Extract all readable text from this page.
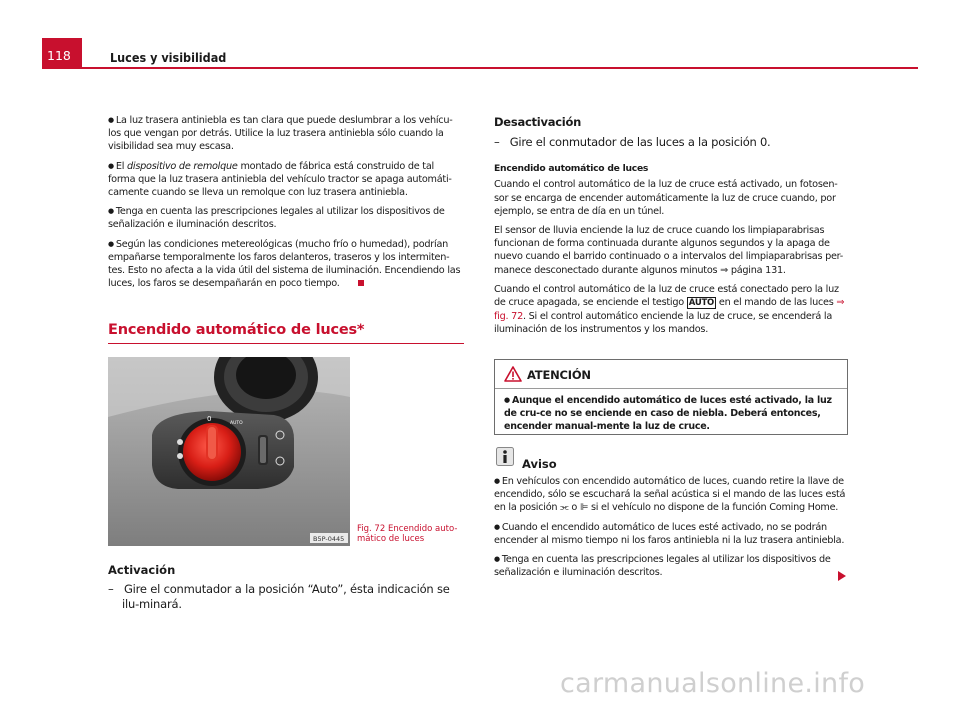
118	Luces y visibilidad

● La luz trasera antiniebla es tan clara que puede deslumbrar a los vehícu-los que vengan por detrás. Utilice la luz trasera antiniebla sólo cuando la visibilidad sea muy escasa.

● El dispositivo de remolque montado de fábrica está construido de tal forma que la luz trasera antiniebla del vehículo tractor se apaga automáti-camente cuando se lleva un remolque con luz trasera antiniebla.

● Tenga en cuenta las prescripciones legales al utilizar los dispositivos de señalización e iluminación descritos.

● Según las condiciones metereológicas (mucho frío o humedad), podrían empañarse temporalmente los faros delanteros, traseros y los intermiten-tes. Esto no afecta a la vida útil del sistema de iluminación. Encendiendo las luces, los faros se desempañarán en poco tiempo.

Encendido automático de luces*
0
AUTO
B5P-0445
Fig. 72 Encendido auto-mático de luces
Activación
– Gire el conmutador a la posición “Auto”, ésta indicación se ilu-minará.

Desactivación

– Gire el conmutador de las luces a la posición 0.

Encendido automático de luces

Cuando el control automático de la luz de cruce está activado, un fotosen-sor se encarga de encender automáticamente la luz de cruce cuando, por ejemplo, se entra de día en un túnel.

El sensor de lluvia enciende la luz de cruce cuando los limpiaparabrisas funcionan de forma continuada durante algunos segundos y la apaga de nuevo cuando el barrido continuado o a intervalos del limpiaparabrisas per-manece desconectado durante algunos minutos ⇒ página 131.

Cuando el control automático de la luz de cruce está conectado pero la luz de cruce apagada, se enciende el testigo AUTO en el mando de las luces ⇒ fig. 72. Si el control automático enciende la luz de cruce, se encenderá la iluminación de los instrumentos y los mandos.

ATENCIÓN
● Aunque el encendido automático de luces esté activado, la luz de cru-ce no se enciende en caso de niebla. Deberá entonces, encender manual-mente la luz de cruce.
Aviso

● En vehículos con encendido automático de luces, cuando retire la llave de encendido, sólo se escuchará la señal acústica si el mando de las luces está en la posición ⫘ o ⊫ si el vehículo no dispone de la función Coming Home.

● Cuando el encendido automático de luces esté activado, no se podrán encender al mismo tiempo ni los faros antiniebla ni la luz trasera antiniebla.

● Tenga en cuenta las prescripciones legales al utilizar los dispositivos de señalización e iluminación descritos.

carmanualsonline.info
